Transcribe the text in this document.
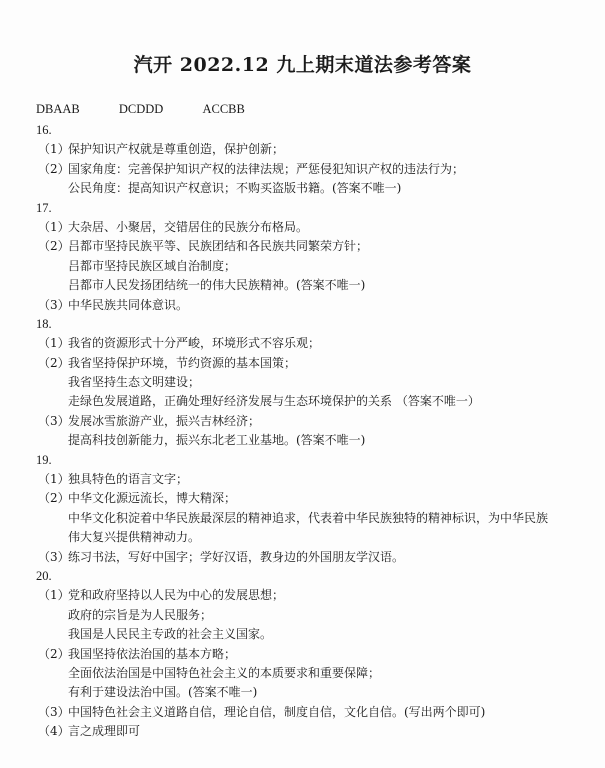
汽开 2022.12 九上期末道法参考答案
DBAAB	DCDDD	ACCBB
16.
（1）保护知识产权就是尊重创造，保护创新；
（2）国家角度：完善保护知识产权的法律法规；严惩侵犯知识产权的违法行为；
公民角度：提高知识产权意识；不购买盗版书籍。(答案不唯一)
17.
（1）大杂居、小聚居，交错居住的民族分布格局。
（2）吕都市坚持民族平等、民族团结和各民族共同繁荣方针；
吕都市坚持民族区域自治制度；
吕都市人民发扬团结统一的伟大民族精神。(答案不唯一)
（3）中华民族共同体意识。
18.
（1）我省的资源形式十分严峻，环境形式不容乐观；
（2）我省坚持保护环境，节约资源的基本国策；
我省坚持生态文明建设；
走绿色发展道路，正确处理好经济发展与生态环境保护的关系 （答案不唯一）
（3）发展冰雪旅游产业，振兴吉林经济；
提高科技创新能力，振兴东北老工业基地。(答案不唯一)
19.
（1）独具特色的语言文字；
（2）中华文化源远流长，博大精深；
中华文化积淀着中华民族最深层的精神追求，代表着中华民族独特的精神标识，为中华民族
伟大复兴提供精神动力。
（3）练习书法，写好中国字；学好汉语，教身边的外国朋友学汉语。
20.
（1）党和政府坚持以人民为中心的发展思想；
政府的宗旨是为人民服务；
我国是人民民主专政的社会主义国家。
（2）我国坚持依法治国的基本方略；
全面依法治国是中国特色社会主义的本质要求和重要保障；
有利于建设法治中国。(答案不唯一)
（3）中国特色社会主义道路自信，理论自信，制度自信，文化自信。(写出两个即可)
（4）言之成理即可
